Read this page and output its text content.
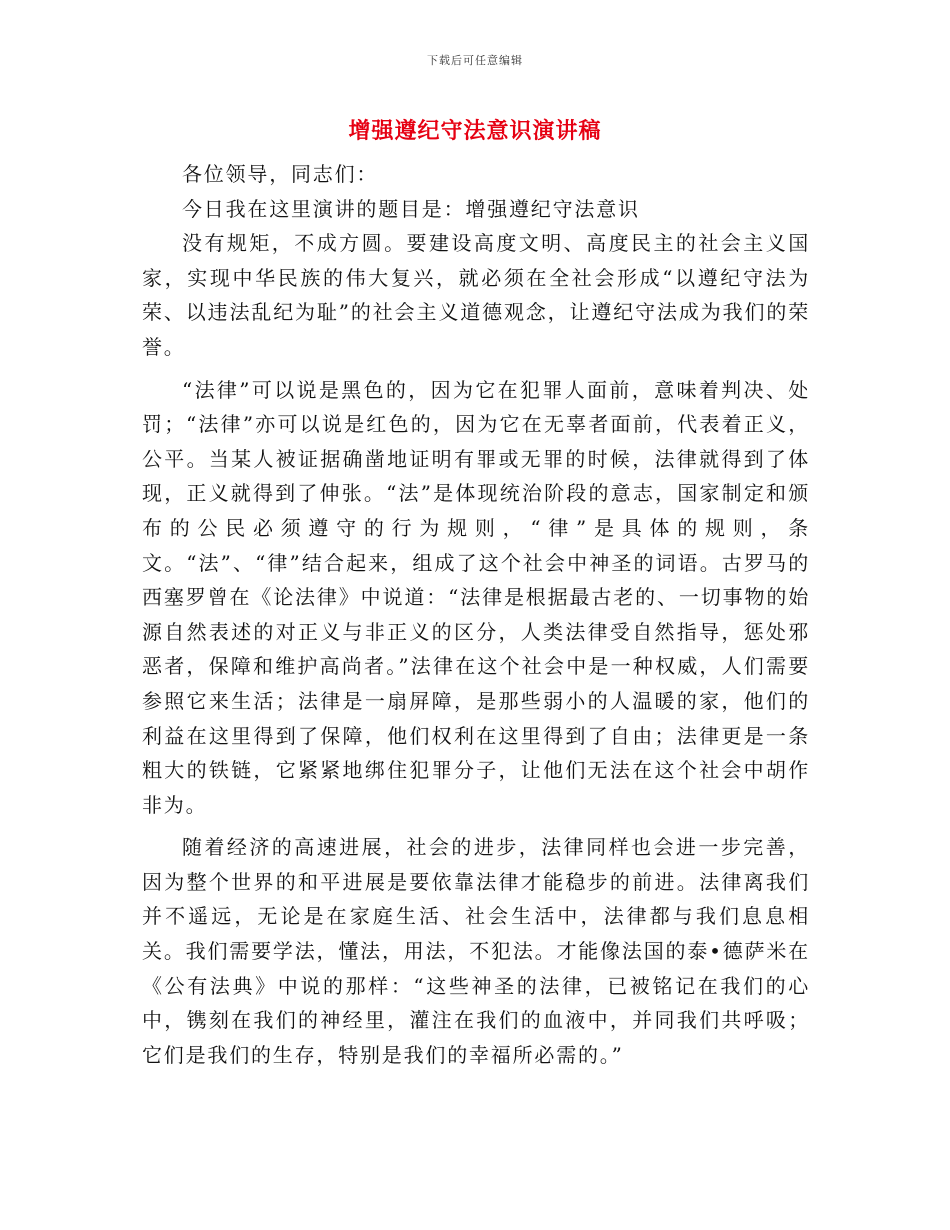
下载后可任意编辑
增强遵纪守法意识演讲稿

各位领导，同志们：

今日我在这里演讲的题目是：增强遵纪守法意识

没有规矩，不成方圆。要建设高度文明、高度民主的社会主义国家，实现中华民族的伟大复兴，就必须在全社会形成“以遵纪守法为荣、以违法乱纪为耻”的社会主义道德观念，让遵纪守法成为我们的荣誉。

“法律”可以说是黑色的，因为它在犯罪人面前，意味着判决、处罚；“法律”亦可以说是红色的，因为它在无辜者面前，代表着正义，公平。当某人被证据确凿地证明有罪或无罪的时候，法律就得到了体现，正义就得到了伸张。“法”是体现统治阶段的意志，国家制定和颁布的公民必须遵守的行为规则，“律”是具体的规则，条文。“法”、“律”结合起来，组成了这个社会中神圣的词语。古罗马的西塞罗曾在《论法律》中说道：“法律是根据最古老的、一切事物的始源自然表述的对正义与非正义的区分，人类法律受自然指导，惩处邪恶者，保障和维护高尚者。”法律在这个社会中是一种权威，人们需要参照它来生活；法律是一扇屏障，是那些弱小的人温暖的家，他们的利益在这里得到了保障，他们权利在这里得到了自由；法律更是一条粗大的铁链，它紧紧地绑住犯罪分子，让他们无法在这个社会中胡作非为。

随着经济的高速进展，社会的进步，法律同样也会进一步完善，因为整个世界的和平进展是要依靠法律才能稳步的前进。法律离我们并不遥远，无论是在家庭生活、社会生活中，法律都与我们息息相关。我们需要学法，懂法，用法，不犯法。才能像法国的泰•德萨米在《公有法典》中说的那样：“这些神圣的法律，已被铭记在我们的心中，镌刻在我们的神经里，灌注在我们的血液中，并同我们共呼吸；它们是我们的生存，特别是我们的幸福所必需的。”
